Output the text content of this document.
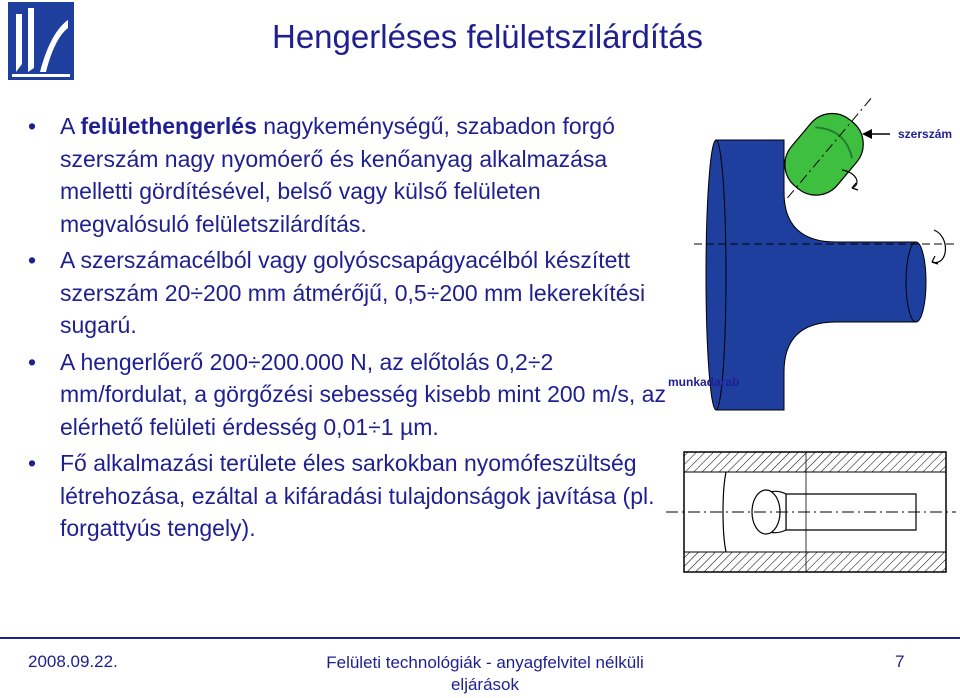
Hengerléses felületszilárdítás
• A felülethengerlés nagykeménységű, szabadon forgó szerszám nagy nyomóerő és kenőanyag alkalmazása melletti gördítésével, belső vagy külső felületen megvalósuló felületszilárdítás.
• A szerszámacélból vagy golyóscsapágyacélból készített szerszám 20÷200 mm átmérőjű, 0,5÷200 mm lekerekítési sugarú.
• A hengerlőerő 200÷200.000 N, az előtolás 0,2÷2 mm/fordulat, a görgőzési sebesség kisebb mint 200 m/s, az elérhető felületi érdesség 0,01÷1 µm.
• Fő alkalmazási területe éles sarkokban nyomófeszültség létrehozása, ezáltal a kifáradási tulajdonságok javítása (pl. forgattyús tengely).
szerszám
munkadarab
2008.09.22.	Felületi technológiák - anyagfelvitel nélküli eljárások
7
